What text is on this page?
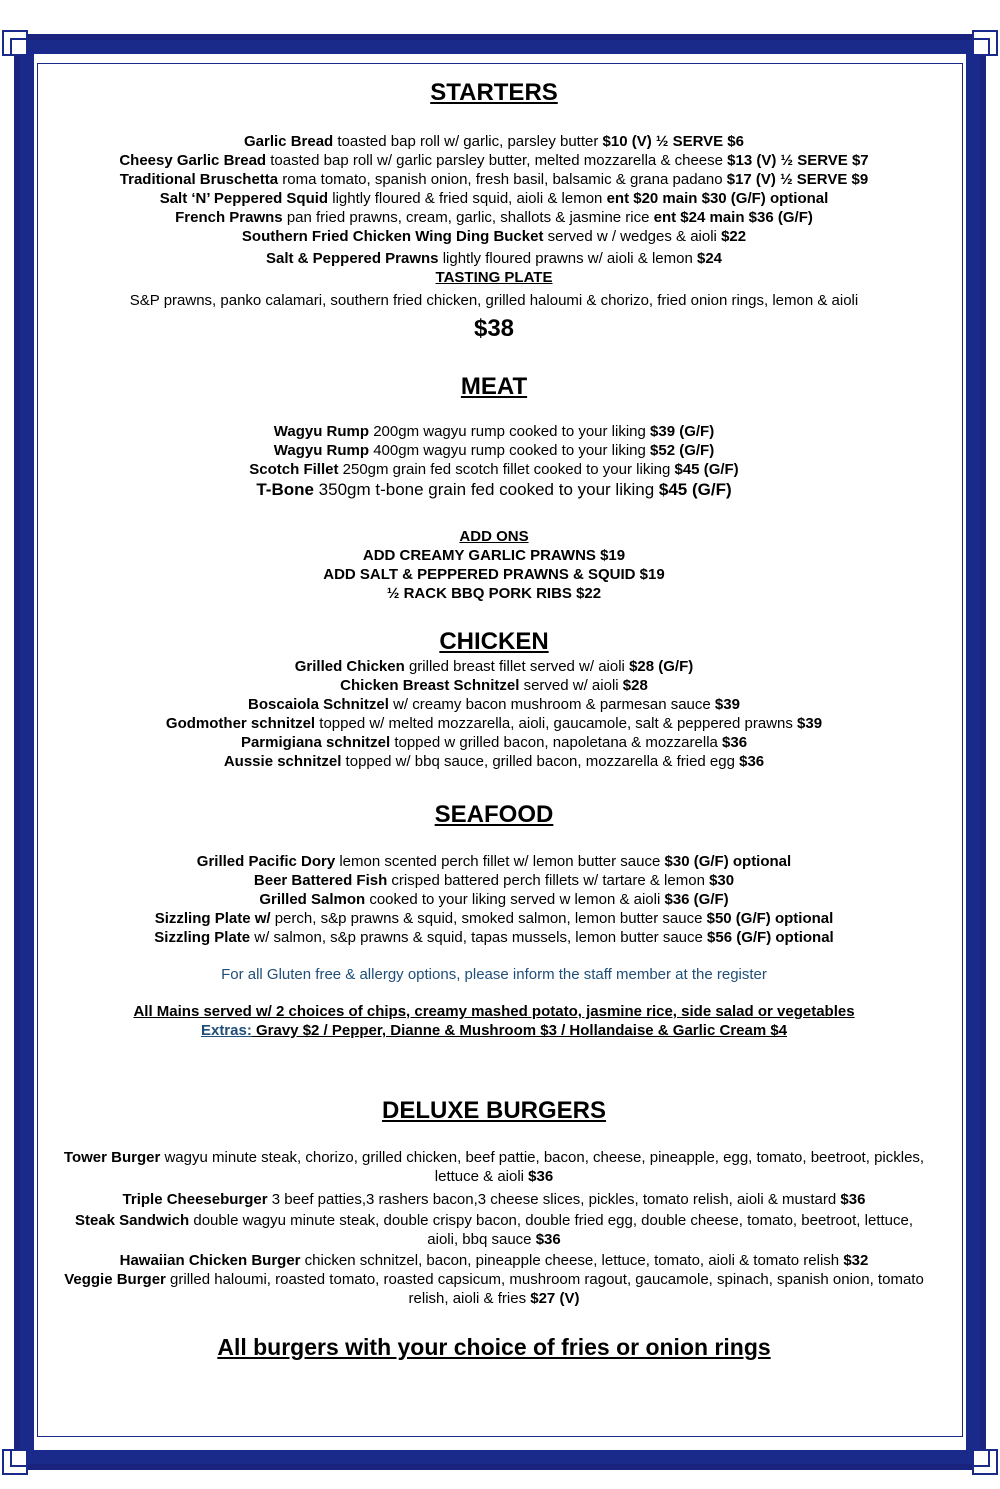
STARTERS

Garlic Bread toasted bap roll w/ garlic, parsley butter $10 (V) ½ SERVE $6

Cheesy Garlic Bread toasted bap roll w/ garlic parsley butter, melted mozzarella & cheese $13 (V) ½ SERVE $7

Traditional Bruschetta roma tomato, spanish onion, fresh basil, balsamic & grana padano $17 (V) ½ SERVE $9

Salt ‘N’ Peppered Squid lightly floured & fried squid, aioli & lemon ent $20 main $30 (G/F) optional

French Prawns pan fried prawns, cream, garlic, shallots & jasmine rice ent $24 main $36 (G/F)

Southern Fried Chicken Wing Ding Bucket served w / wedges & aioli $22

Salt & Peppered Prawns lightly floured prawns w/ aioli & lemon $24

TASTING PLATE

S&P prawns, panko calamari, southern fried chicken, grilled haloumi & chorizo, fried onion rings, lemon & aioli

$38

MEAT

Wagyu Rump 200gm wagyu rump cooked to your liking $39 (G/F)

Wagyu Rump 400gm wagyu rump cooked to your liking $52 (G/F)

Scotch Fillet 250gm grain fed scotch fillet cooked to your liking $45 (G/F)

T-Bone 350gm t-bone grain fed cooked to your liking $45 (G/F)

ADD ONS

ADD CREAMY GARLIC PRAWNS $19

ADD SALT & PEPPERED PRAWNS & SQUID $19

½ RACK BBQ PORK RIBS $22

CHICKEN

Grilled Chicken grilled breast fillet served w/ aioli $28 (G/F)

Chicken Breast Schnitzel served w/ aioli $28

Boscaiola Schnitzel w/ creamy bacon mushroom & parmesan sauce $39

Godmother schnitzel topped w/ melted mozzarella, aioli, gaucamole, salt & peppered prawns $39

Parmigiana schnitzel topped w grilled bacon, napoletana & mozzarella $36

Aussie schnitzel topped w/ bbq sauce, grilled bacon, mozzarella & fried egg $36

SEAFOOD

Grilled Pacific Dory lemon scented perch fillet w/ lemon butter sauce $30 (G/F) optional

Beer Battered Fish crisped battered perch fillets w/ tartare & lemon $30

Grilled Salmon cooked to your liking served w lemon & aioli $36 (G/F)

Sizzling Plate w/ perch, s&p prawns & squid, smoked salmon, lemon butter sauce $50 (G/F) optional

Sizzling Plate w/ salmon, s&p prawns & squid, tapas mussels, lemon butter sauce $56 (G/F) optional

For all Gluten free & allergy options, please inform the staff member at the register

All Mains served w/ 2 choices of chips, creamy mashed potato, jasmine rice, side salad or vegetables

Extras: Gravy $2 / Pepper, Dianne & Mushroom $3 / Hollandaise & Garlic Cream $4

DELUXE BURGERS

Tower Burger wagyu minute steak, chorizo, grilled chicken, beef pattie, bacon, cheese, pineapple, egg, tomato, beetroot, pickles, lettuce & aioli $36

Triple Cheeseburger 3 beef patties,3 rashers bacon,3 cheese slices, pickles, tomato relish, aioli & mustard $36

Steak Sandwich double wagyu minute steak, double crispy bacon, double fried egg, double cheese, tomato, beetroot, lettuce, aioli, bbq sauce $36

Hawaiian Chicken Burger chicken schnitzel, bacon, pineapple cheese, lettuce, tomato, aioli & tomato relish $32

Veggie Burger grilled haloumi, roasted tomato, roasted capsicum, mushroom ragout, gaucamole, spinach, spanish onion, tomato relish, aioli & fries $27 (V)

All burgers with your choice of fries or onion rings
